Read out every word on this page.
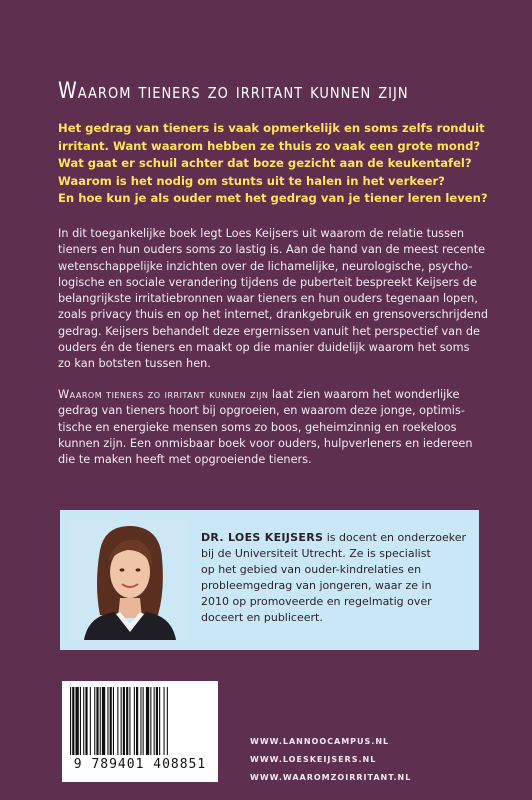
Waarom tieners zo irritant kunnen zijn
Het gedrag van tieners is vaak opmerkelijk en soms zelfs ronduit
irritant. Want waarom hebben ze thuis zo vaak een grote mond?
Wat gaat er schuil achter dat boze gezicht aan de keukentafel?
Waarom is het nodig om stunts uit te halen in het verkeer?
En hoe kun je als ouder met het gedrag van je tiener leren leven?
In dit toegankelijke boek legt Loes Keijsers uit waarom de relatie tussen
tieners en hun ouders soms zo lastig is. Aan de hand van de meest recente
wetenschappelijke inzichten over de lichamelijke, neurologische, psycho-
logische en sociale verandering tijdens de puberteit bespreekt Keijsers de
belangrijkste irritatiebronnen waar tieners en hun ouders tegenaan lopen,
zoals privacy thuis en op het internet, drankgebruik en grensoverschrijdend
gedrag. Keijsers behandelt deze ergernissen vanuit het perspectief van de
ouders én de tieners en maakt op die manier duidelijk waarom het soms
zo kan botsten tussen hen.
Waarom tieners zo irritant kunnen zijn laat zien waarom het wonderlijke
gedrag van tieners hoort bij opgroeien, en waarom deze jonge, optimis-
tische en energieke mensen soms zo boos, geheimzinnig en roekeloos
kunnen zijn. Een onmisbaar boek voor ouders, hulpverleners en iedereen
die te maken heeft met opgroeiende tieners.
DR. LOES KEIJSERS is docent en onderzoeker
bij de Universiteit Utrecht. Ze is specialist
op het gebied van ouder-kindrelaties en
probleemgedrag van jongeren, waar ze in
2010 op promoveerde en regelmatig over
doceert en publiceert.
9 789401 408851
WWW.LANNOOCAMPUS.NL
WWW.LOESKEIJSERS.NL
WWW.WAAROMZOIRRITANT.NL
